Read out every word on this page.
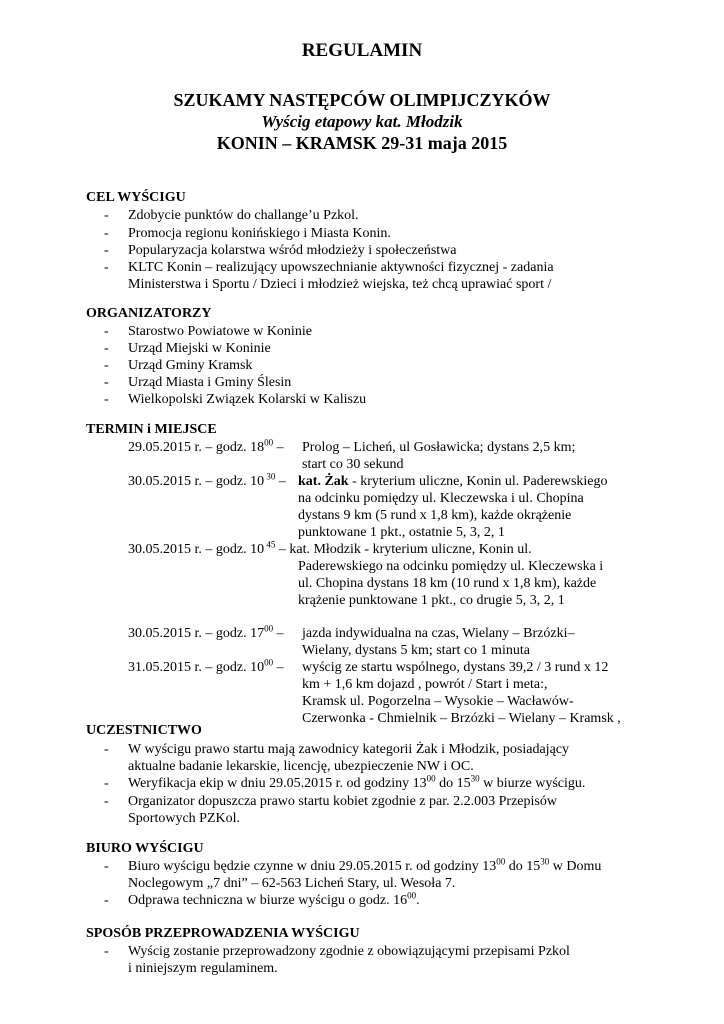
REGULAMIN
SZUKAMY NASTĘPCÓW OLIMPIJCZYKÓW
Wyścig etapowy kat. Młodzik
KONIN – KRAMSK 29-31 maja 2015
CEL WYŚCIGU
- Zdobycie punktów do challange’u Pzkol.
- Promocja regionu konińskiego i Miasta Konin.
- Popularyzacja kolarstwa wśród młodzieży i społeczeństwa
- KLTC Konin – realizujący upowszechnianie aktywności fizycznej - zadania
Ministerstwa i Sportu / Dzieci i młodzież wiejska, też chcą uprawiać sport /
ORGANIZATORZY
- Starostwo Powiatowe w Koninie
- Urząd Miejski w Koninie
- Urząd Gminy Kramsk
- Urząd Miasta i Gminy Ślesin
- Wielkopolski Związek Kolarski w Kaliszu
TERMIN i MIEJSCE
29.05.2015 r. – godz. $18^{00}$ – Prolog – Licheń, ul Gosławicka; dystans 2,5 km;
start co 30 sekund
30.05.2015 r. – godz. 10 $^{30}$ – kat. Żak - kryterium uliczne, Konin ul. Paderewskiego
na odcinku pomiędzy ul. Kleczewska i ul. Chopina
dystans 9 km (5 rund x 1,8 km), każde okrążenie
punktowane 1 pkt., ostatnie 5, 3, 2, 1
30.05.2015 r. – godz. 10 $^{45}$ – kat. Młodzik - kryterium uliczne, Konin ul.
Paderewskiego na odcinku pomiędzy ul. Kleczewska i
ul. Chopina dystans 18 km (10 rund x 1,8 km), każde
krążenie punktowane 1 pkt., co drugie 5, 3, 2, 1
30.05.2015 r. – godz. $17^{00}$ – jazda indywidualna na czas, Wielany – Brzózki–
Wielany, dystans 5 km; start co 1 minuta
31.05.2015 r. – godz. $10^{00}$ – wyścig ze startu wspólnego, dystans 39,2 / 3 rund x 12
km + 1,6 km dojazd , powrót / Start i meta:,
Kramsk ul. Pogorzelna – Wysokie – Wacławów-
Czerwonka - Chmielnik – Brzózki – Wielany – Kramsk ,
UCZESTNICTWO
- W wyścigu prawo startu mają zawodnicy kategorii Żak i Młodzik, posiadający
aktualne badanie lekarskie, licencję, ubezpieczenie NW i OC.
- Weryfikacja ekip w dniu 29.05.2015 r. od godziny $13^{00}$ do $15^{30}$ w biurze wyścigu.
- Organizator dopuszcza prawo startu kobiet zgodnie z par. 2.2.003 Przepisów
Sportowych PZKol.
BIURO WYŚCIGU
- Biuro wyścigu będzie czynne w dniu 29.05.2015 r. od godziny $13^{00}$ do $15^{30}$ w Domu
Noclegowym „7 dni” – 62-563 Licheń Stary, ul. Wesoła 7.
- Odprawa techniczna w biurze wyścigu o godz. $16^{00}$.
SPOSÓB PRZEPROWADZENIA WYŚCIGU
- Wyścig zostanie przeprowadzony zgodnie z obowiązującymi przepisami Pzkol
i niniejszym regulaminem.
